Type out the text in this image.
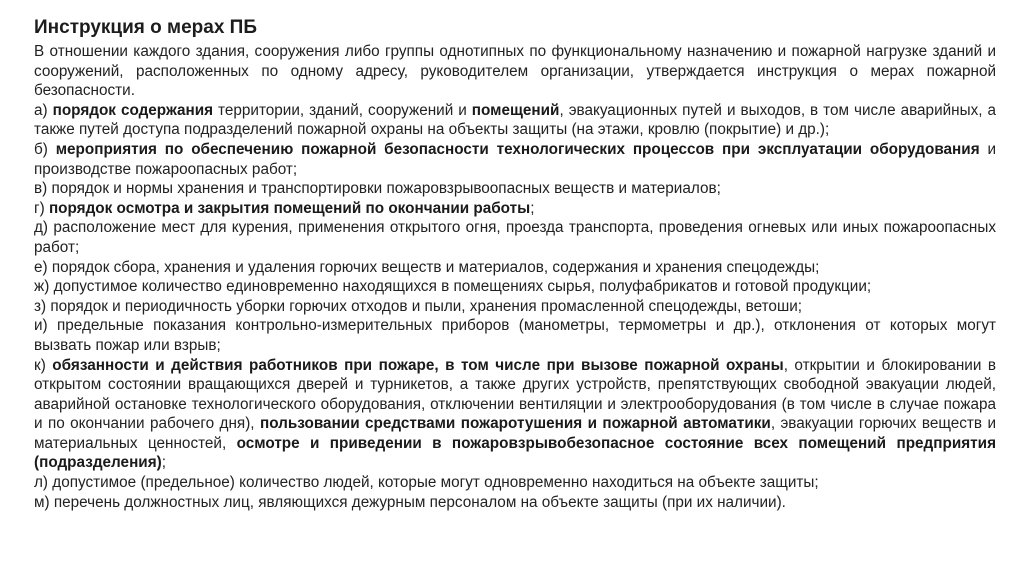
Инструкция о мерах ПБ

В отношении каждого здания, сооружения либо группы однотипных по функциональному назначению и пожарной нагрузке зданий и сооружений, расположенных по одному адресу, руководителем организации, утверждается инструкция о мерах пожарной безопасности.

а) порядок содержания территории, зданий, сооружений и помещений, эвакуационных путей и выходов, в том числе аварийных, а также путей доступа подразделений пожарной охраны на объекты защиты (на этажи, кровлю (покрытие) и др.);

б) мероприятия по обеспечению пожарной безопасности технологических процессов при эксплуатации оборудования и производстве пожароопасных работ;

в) порядок и нормы хранения и транспортировки пожаровзрывоопасных веществ и материалов;

г) порядок осмотра и закрытия помещений по окончании работы;

д) расположение мест для курения, применения открытого огня, проезда транспорта, проведения огневых или иных пожароопасных работ;

е) порядок сбора, хранения и удаления горючих веществ и материалов, содержания и хранения спецодежды;

ж) допустимое количество единовременно находящихся в помещениях сырья, полуфабрикатов и готовой продукции;

з) порядок и периодичность уборки горючих отходов и пыли, хранения промасленной спецодежды, ветоши;

и) предельные показания контрольно-измерительных приборов (манометры, термометры и др.), отклонения от которых могут вызвать пожар или взрыв;

к) обязанности и действия работников при пожаре, в том числе при вызове пожарной охраны, открытии и блокировании в открытом состоянии вращающихся дверей и турникетов, а также других устройств, препятствующих свободной эвакуации людей, аварийной остановке технологического оборудования, отключении вентиляции и электрооборудования (в том числе в случае пожара и по окончании рабочего дня), пользовании средствами пожаротушения и пожарной автоматики, эвакуации горючих веществ и материальных ценностей, осмотре и приведении в пожаровзрывобезопасное состояние всех помещений предприятия (подразделения);

л) допустимое (предельное) количество людей, которые могут одновременно находиться на объекте защиты;

м) перечень должностных лиц, являющихся дежурным персоналом на объекте защиты (при их наличии).
